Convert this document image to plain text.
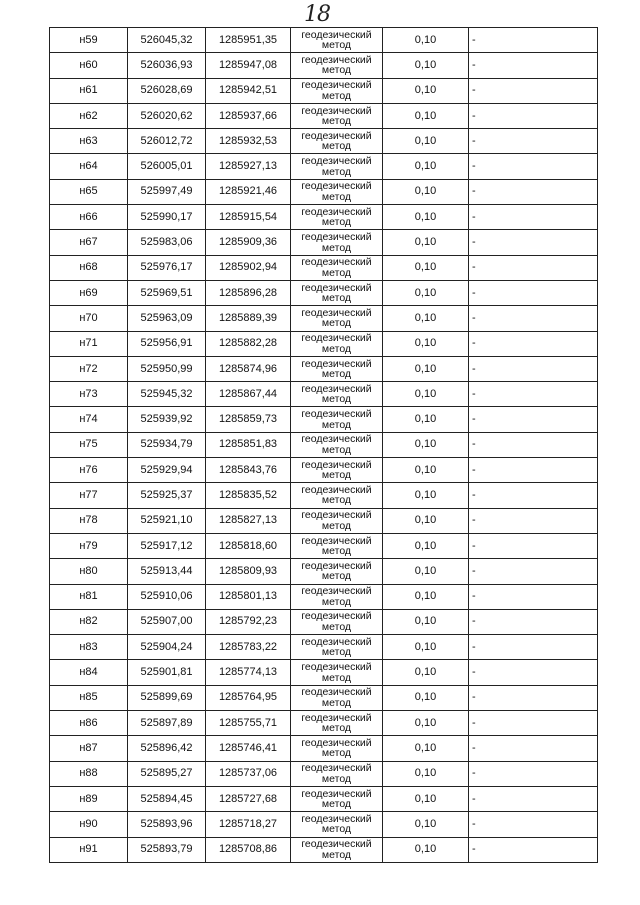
18
н59	526045,32	1285951,35	геодезический метод	0,10	-
н60	526036,93	1285947,08	геодезический метод	0,10	-
н61	526028,69	1285942,51	геодезический метод	0,10	-
н62	526020,62	1285937,66	геодезический метод	0,10	-
н63	526012,72	1285932,53	геодезический метод	0,10	-
н64	526005,01	1285927,13	геодезический метод	0,10	-
н65	525997,49	1285921,46	геодезический метод	0,10	-
н66	525990,17	1285915,54	геодезический метод	0,10	-
н67	525983,06	1285909,36	геодезический метод	0,10	-
н68	525976,17	1285902,94	геодезический метод	0,10	-
н69	525969,51	1285896,28	геодезический метод	0,10	-
н70	525963,09	1285889,39	геодезический метод	0,10	-
н71	525956,91	1285882,28	геодезический метод	0,10	-
н72	525950,99	1285874,96	геодезический метод	0,10	-
н73	525945,32	1285867,44	геодезический метод	0,10	-
н74	525939,92	1285859,73	геодезический метод	0,10	-
н75	525934,79	1285851,83	геодезический метод	0,10	-
н76	525929,94	1285843,76	геодезический метод	0,10	-
н77	525925,37	1285835,52	геодезический метод	0,10	-
н78	525921,10	1285827,13	геодезический метод	0,10	-
н79	525917,12	1285818,60	геодезический метод	0,10	-
н80	525913,44	1285809,93	геодезический метод	0,10	-
н81	525910,06	1285801,13	геодезический метод	0,10	-
н82	525907,00	1285792,23	геодезический метод	0,10	-
н83	525904,24	1285783,22	геодезический метод	0,10	-
н84	525901,81	1285774,13	геодезический метод	0,10	-
н85	525899,69	1285764,95	геодезический метод	0,10	-
н86	525897,89	1285755,71	геодезический метод	0,10	-
н87	525896,42	1285746,41	геодезический метод	0,10	-
н88	525895,27	1285737,06	геодезический метод	0,10	-
н89	525894,45	1285727,68	геодезический метод	0,10	-
н90	525893,96	1285718,27	геодезический метод	0,10	-
н91	525893,79	1285708,86	геодезический метод	0,10	-
